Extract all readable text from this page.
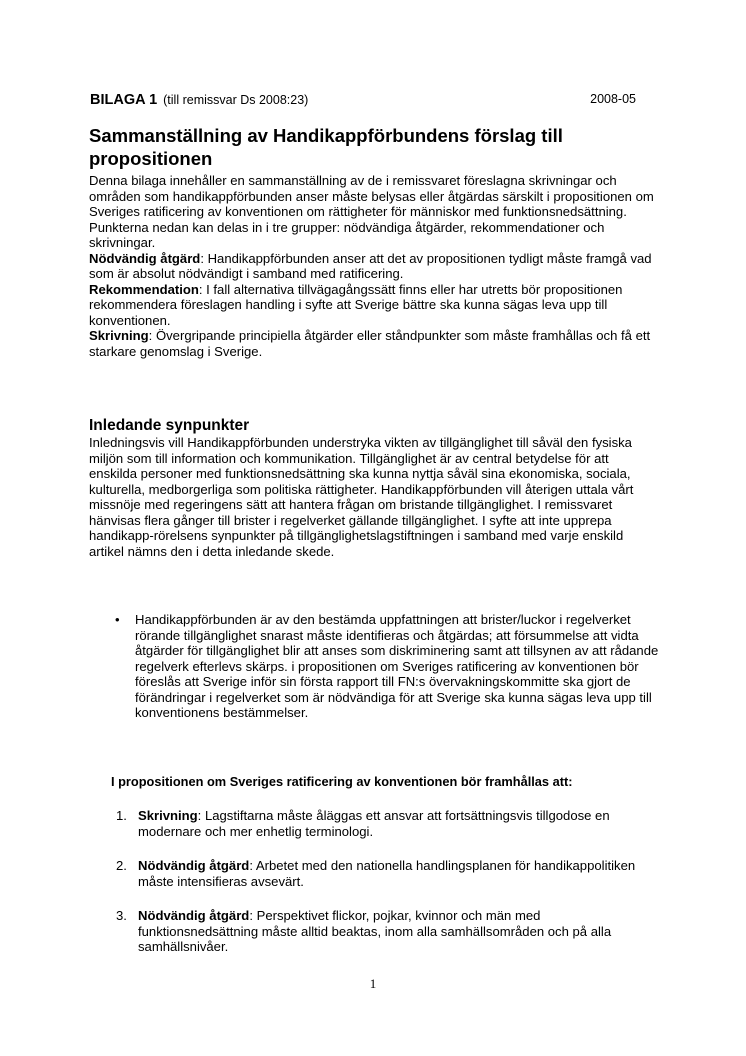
BILAGA 1 (till remissvar Ds 2008:23)	2008-05
Sammanställning av Handikappförbundens förslag till propositionen

Denna bilaga innehåller en sammanställning av de i remissvaret föreslagna skrivningar och områden som handikappförbunden anser måste belysas eller åtgärdas särskilt i propositionen om Sveriges ratificering av konventionen om rättigheter för människor med funktionsnedsättning.

Punkterna nedan kan delas in i tre grupper: nödvändiga åtgärder, rekommendationer och skrivningar.

Nödvändig åtgärd: Handikappförbunden anser att det av propositionen tydligt måste framgå vad som är absolut nödvändigt i samband med ratificering.

Rekommendation: I fall alternativa tillvägagångssätt finns eller har utretts bör propositionen rekommendera föreslagen handling i syfte att Sverige bättre ska kunna sägas leva upp till konventionen.

Skrivning: Övergripande principiella åtgärder eller ståndpunkter som måste framhållas och få ett starkare genomslag i Sverige.

Inledande synpunkter

Inledningsvis vill Handikappförbunden understryka vikten av tillgänglighet till såväl den fysiska miljön som till information och kommunikation. Tillgänglighet är av central betydelse för att enskilda personer med funktionsnedsättning ska kunna nyttja såväl sina ekonomiska, sociala, kulturella, medborgerliga som politiska rättigheter. Handikappförbunden vill återigen uttala vårt missnöje med regeringens sätt att hantera frågan om bristande tillgänglighet. I remissvaret hänvisas flera gånger till brister i regelverket gällande tillgänglighet. I syfte att inte upprepa handikapp-rörelsens synpunkter på tillgänglighetslagstiftningen i samband med varje enskild artikel nämns den i detta inledande skede.

• Handikappförbunden är av den bestämda uppfattningen att brister/luckor i regelverket rörande tillgänglighet snarast måste identifieras och åtgärdas; att försummelse att vidta åtgärder för tillgänglighet blir att anses som diskriminering samt att tillsynen av att rådande regelverk efterlevs skärps. i propositionen om Sveriges ratificering av konventionen bör föreslås att Sverige inför sin första rapport till FN:s övervakningskommitte ska gjort de förändringar i regelverket som är nödvändiga för att Sverige ska kunna sägas leva upp till konventionens bestämmelser.

I propositionen om Sveriges ratificering av konventionen bör framhållas att:

1. Skrivning: Lagstiftarna måste åläggas ett ansvar att fortsättningsvis tillgodose en modernare och mer enhetlig terminologi.
2. Nödvändig åtgärd: Arbetet med den nationella handlingsplanen för handikappolitiken måste intensifieras avsevärt.
3. Nödvändig åtgärd: Perspektivet flickor, pojkar, kvinnor och män med funktionsnedsättning måste alltid beaktas, inom alla samhällsområden och på alla samhällsnivåer.
1
